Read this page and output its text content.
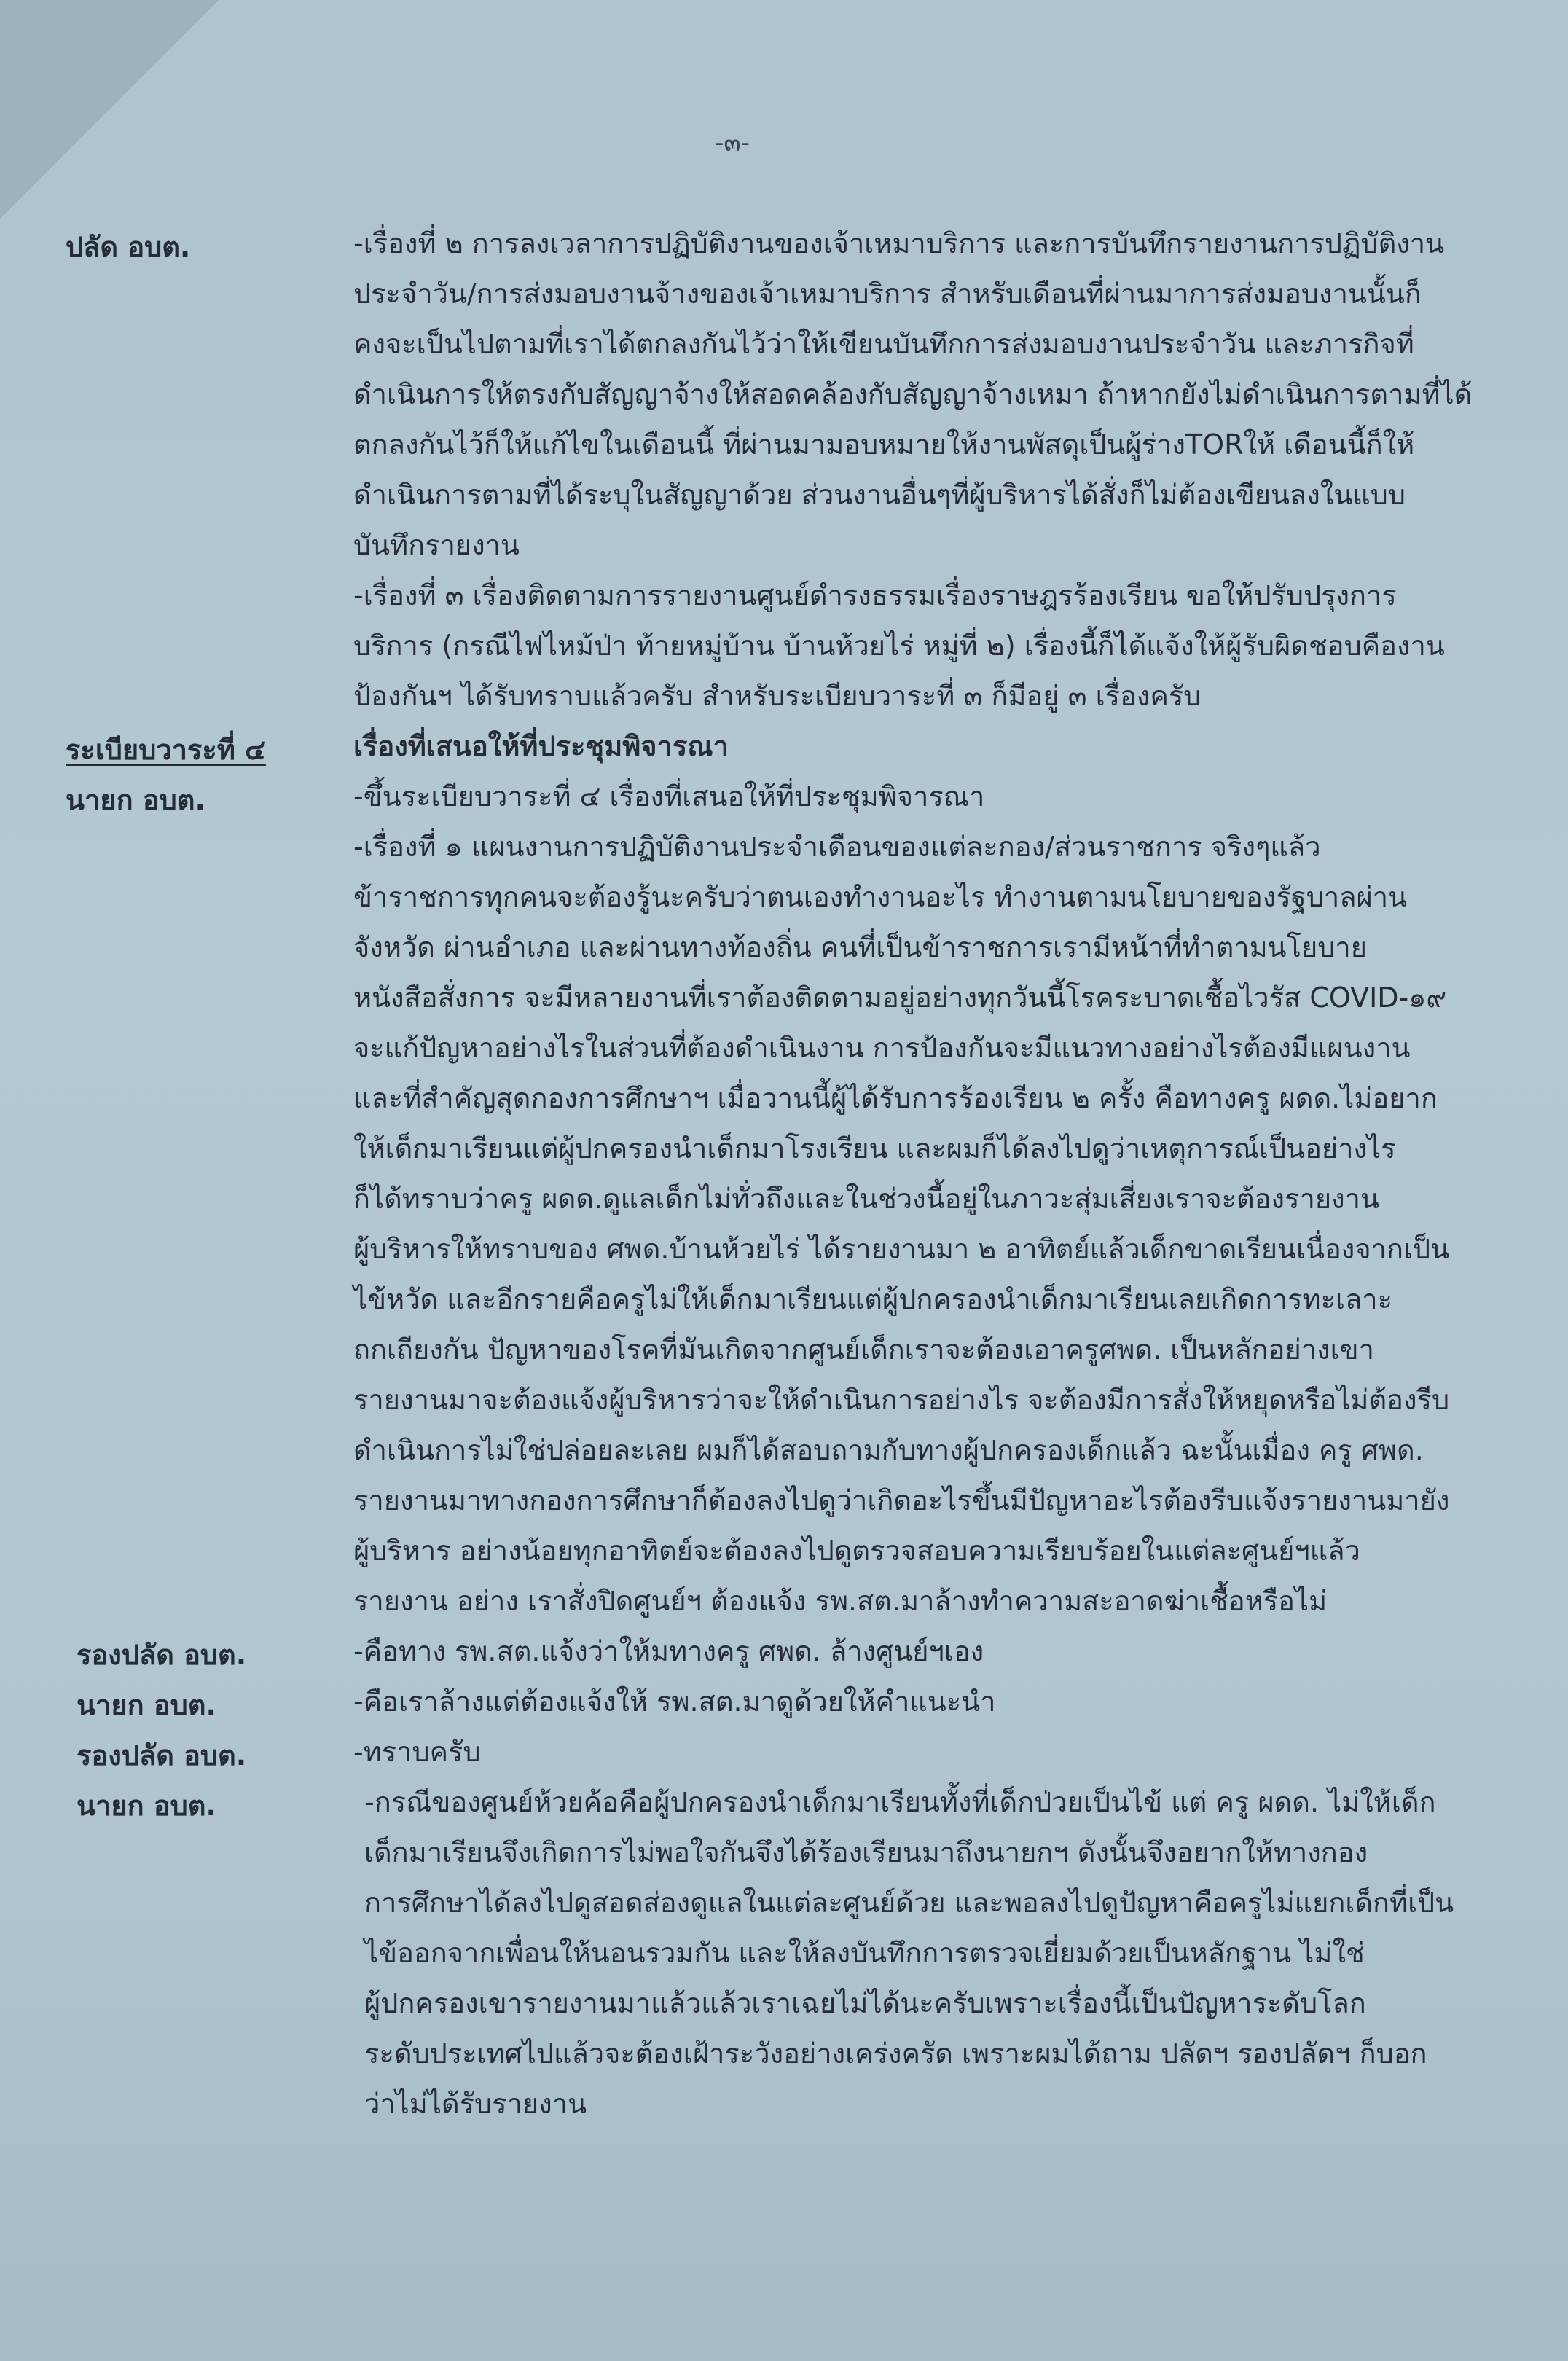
-๓-
ปลัด อบต.	-เรื่องที่ ๒ การลงเวลาการปฏิบัติงานของเจ้าเหมาบริการ และการบันทึกรายงานการปฏิบัติงาน
ประจำวัน/การส่งมอบงานจ้างของเจ้าเหมาบริการ สำหรับเดือนที่ผ่านมาการส่งมอบงานนั้นก็
คงจะเป็นไปตามที่เราได้ตกลงกันไว้ว่าให้เขียนบันทึกการส่งมอบงานประจำวัน และภารกิจที่
ดำเนินการให้ตรงกับสัญญาจ้างให้สอดคล้องกับสัญญาจ้างเหมา ถ้าหากยังไม่ดำเนินการตามที่ได้
ตกลงกันไว้ก็ให้แก้ไขในเดือนนี้ ที่ผ่านมามอบหมายให้งานพัสดุเป็นผู้ร่างTORให้ เดือนนี้ก็ให้
ดำเนินการตามที่ได้ระบุในสัญญาด้วย ส่วนงานอื่นๆที่ผู้บริหารได้สั่งก็ไม่ต้องเขียนลงในแบบ
บันทึกรายงาน
-เรื่องที่ ๓ เรื่องติดตามการรายงานศูนย์ดำรงธรรมเรื่องราษฎรร้องเรียน ขอให้ปรับปรุงการ
บริการ (กรณีไฟไหม้ป่า ท้ายหมู่บ้าน บ้านห้วยไร่ หมู่ที่ ๒) เรื่องนี้ก็ได้แจ้งให้ผู้รับผิดชอบคืองาน
ป้องกันฯ ได้รับทราบแล้วครับ สำหรับระเบียบวาระที่ ๓ ก็มีอยู่ ๓ เรื่องครับ
ระเบียบวาระที่ ๔	เรื่องที่เสนอให้ที่ประชุมพิจารณา
นายก อบต.	-ขึ้นระเบียบวาระที่ ๔ เรื่องที่เสนอให้ที่ประชุมพิจารณา
-เรื่องที่ ๑ แผนงานการปฏิบัติงานประจำเดือนของแต่ละกอง/ส่วนราชการ จริงๆแล้ว
ข้าราชการทุกคนจะต้องรู้นะครับว่าตนเองทำงานอะไร ทำงานตามนโยบายของรัฐบาลผ่าน
จังหวัด ผ่านอำเภอ และผ่านทางท้องถิ่น คนที่เป็นข้าราชการเรามีหน้าที่ทำตามนโยบาย
หนังสือสั่งการ จะมีหลายงานที่เราต้องติดตามอยู่อย่างทุกวันนี้โรคระบาดเชื้อไวรัส COVID-๑๙
จะแก้ปัญหาอย่างไรในส่วนที่ต้องดำเนินงาน การป้องกันจะมีแนวทางอย่างไรต้องมีแผนงาน
และที่สำคัญสุดกองการศึกษาฯ เมื่อวานนี้ผู้ได้รับการร้องเรียน ๒ ครั้ง คือทางครู ผดด.ไม่อยาก
ให้เด็กมาเรียนแต่ผู้ปกครองนำเด็กมาโรงเรียน และผมก็ได้ลงไปดูว่าเหตุการณ์เป็นอย่างไร
ก็ได้ทราบว่าครู ผดด.ดูแลเด็กไม่ทั่วถึงและในช่วงนี้อยู่ในภาวะสุ่มเสี่ยงเราจะต้องรายงาน
ผู้บริหารให้ทราบของ ศพด.บ้านห้วยไร่ ได้รายงานมา ๒ อาทิตย์แล้วเด็กขาดเรียนเนื่องจากเป็น
ไข้หวัด และอีกรายคือครูไม่ให้เด็กมาเรียนแต่ผู้ปกครองนำเด็กมาเรียนเลยเกิดการทะเลาะ
ถกเถียงกัน ปัญหาของโรคที่มันเกิดจากศูนย์เด็กเราจะต้องเอาครูศพด. เป็นหลักอย่างเขา
รายงานมาจะต้องแจ้งผู้บริหารว่าจะให้ดำเนินการอย่างไร จะต้องมีการสั่งให้หยุดหรือไม่ต้องรีบ
ดำเนินการไม่ใช่ปล่อยละเลย ผมก็ได้สอบถามกับทางผู้ปกครองเด็กแล้ว ฉะนั้นเมื่อง ครู ศพด.
รายงานมาทางกองการศึกษาก็ต้องลงไปดูว่าเกิดอะไรขึ้นมีปัญหาอะไรต้องรีบแจ้งรายงานมายัง
ผู้บริหาร อย่างน้อยทุกอาทิตย์จะต้องลงไปดูตรวจสอบความเรียบร้อยในแต่ละศูนย์ฯแล้ว
รายงาน อย่าง เราสั่งปิดศูนย์ฯ ต้องแจ้ง รพ.สต.มาล้างทำความสะอาดฆ่าเชื้อหรือไม่
รองปลัด อบต.	-คือทาง รพ.สต.แจ้งว่าให้มทางครู ศพด. ล้างศูนย์ฯเอง
นายก อบต.	-คือเราล้างแต่ต้องแจ้งให้ รพ.สต.มาดูด้วยให้คำแนะนำ
รองปลัด อบต.	-ทราบครับ
นายก อบต.	-กรณีของศูนย์ห้วยค้อคือผู้ปกครองนำเด็กมาเรียนทั้งที่เด็กป่วยเป็นไข้ แต่ ครู ผดด. ไม่ให้เด็ก
เด็กมาเรียนจึงเกิดการไม่พอใจกันจึงได้ร้องเรียนมาถึงนายกฯ ดังนั้นจึงอยากให้ทางกอง
การศึกษาได้ลงไปดูสอดส่องดูแลในแต่ละศูนย์ด้วย และพอลงไปดูปัญหาคือครูไม่แยกเด็กที่เป็น
ไข้ออกจากเพื่อนให้นอนรวมกัน และให้ลงบันทึกการตรวจเยี่ยมด้วยเป็นหลักฐาน ไม่ใช่
ผู้ปกครองเขารายงานมาแล้วแล้วเราเฉยไม่ได้นะครับเพราะเรื่องนี้เป็นปัญหาระดับโลก
ระดับประเทศไปแล้วจะต้องเฝ้าระวังอย่างเคร่งครัด เพราะผมได้ถาม ปลัดฯ รองปลัดฯ ก็บอก
ว่าไม่ได้รับรายงาน
